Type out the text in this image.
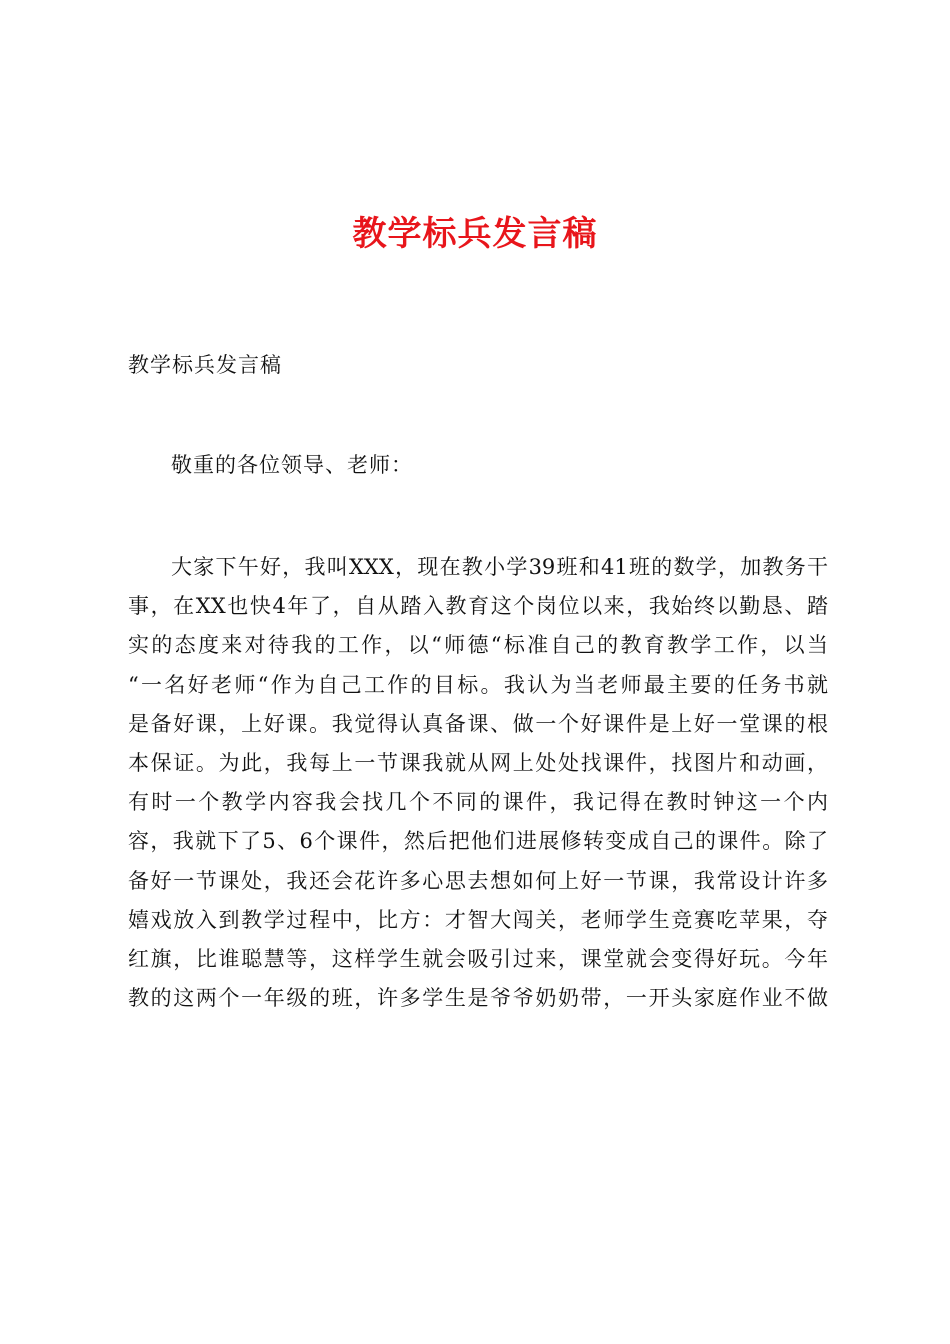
教学标兵发言稿
教学标兵发言稿
敬重的各位领导、老师：
大家下午好，我叫XXX，现在教小学39班和41班的数学，加教务干
事，在XX也快4年了，自从踏入教育这个岗位以来，我始终以勤恳、踏
实的态度来对待我的工作，以“师德“标准自己的教育教学工作，以当
“一名好老师“作为自己工作的目标。我认为当老师最主要的任务书就
是备好课，上好课。我觉得认真备课、做一个好课件是上好一堂课的根
本保证。为此，我每上一节课我就从网上处处找课件，找图片和动画，
有时一个教学内容我会找几个不同的课件，我记得在教时钟这一个内
容，我就下了5、6个课件，然后把他们进展修转变成自己的课件。除了
备好一节课处，我还会花许多心思去想如何上好一节课，我常设计许多
嬉戏放入到教学过程中，比方：才智大闯关，老师学生竞赛吃苹果，夺
红旗，比谁聪慧等，这样学生就会吸引过来，课堂就会变得好玩。今年
教的这两个一年级的班，许多学生是爷爷奶奶带，一开头家庭作业不做
